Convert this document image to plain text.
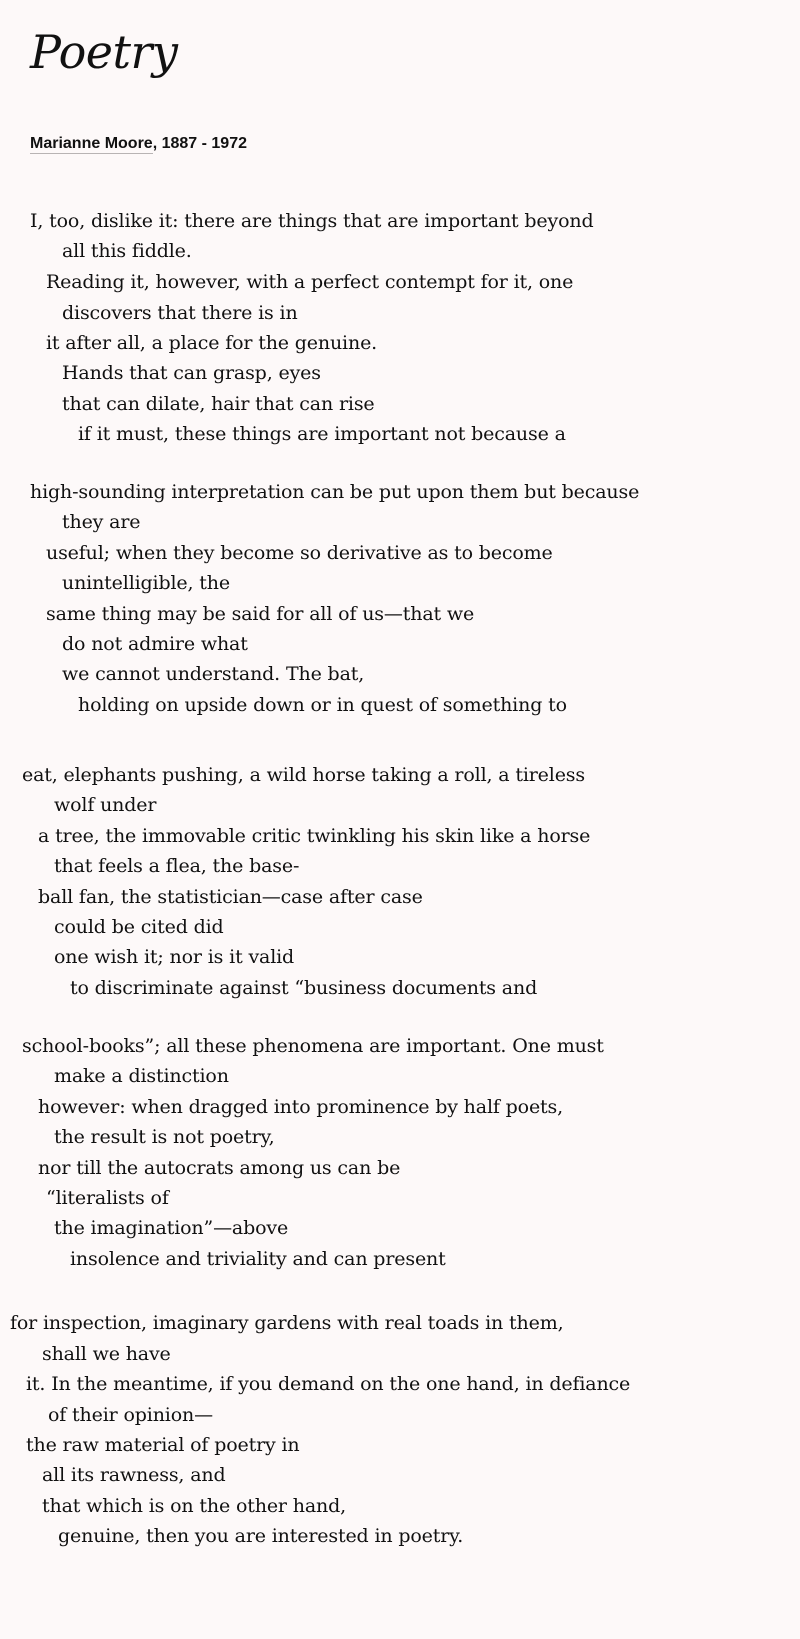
Poetry
Marianne Moore, 1887 - 1972

I, too, dislike it: there are things that are important beyond

all this fiddle.

Reading it, however, with a perfect contempt for it, one

discovers that there is in

it after all, a place for the genuine.

Hands that can grasp, eyes

that can dilate, hair that can rise

if it must, these things are important not because a

high-sounding interpretation can be put upon them but because

they are

useful; when they become so derivative as to become

unintelligible, the

same thing may be said for all of us—that we

do not admire what

we cannot understand. The bat,

holding on upside down or in quest of something to

eat, elephants pushing, a wild horse taking a roll, a tireless

wolf under

a tree, the immovable critic twinkling his skin like a horse

that feels a flea, the base-

ball fan, the statistician—case after case

could be cited did

one wish it; nor is it valid

to discriminate against “business documents and

school-books”; all these phenomena are important. One must

make a distinction

however: when dragged into prominence by half poets,

the result is not poetry,

nor till the autocrats among us can be

“literalists of

the imagination”—above

insolence and triviality and can present

for inspection, imaginary gardens with real toads in them,

shall we have

it. In the meantime, if you demand on the one hand, in defiance

of their opinion—

the raw material of poetry in

all its rawness, and

that which is on the other hand,

genuine, then you are interested in poetry.
